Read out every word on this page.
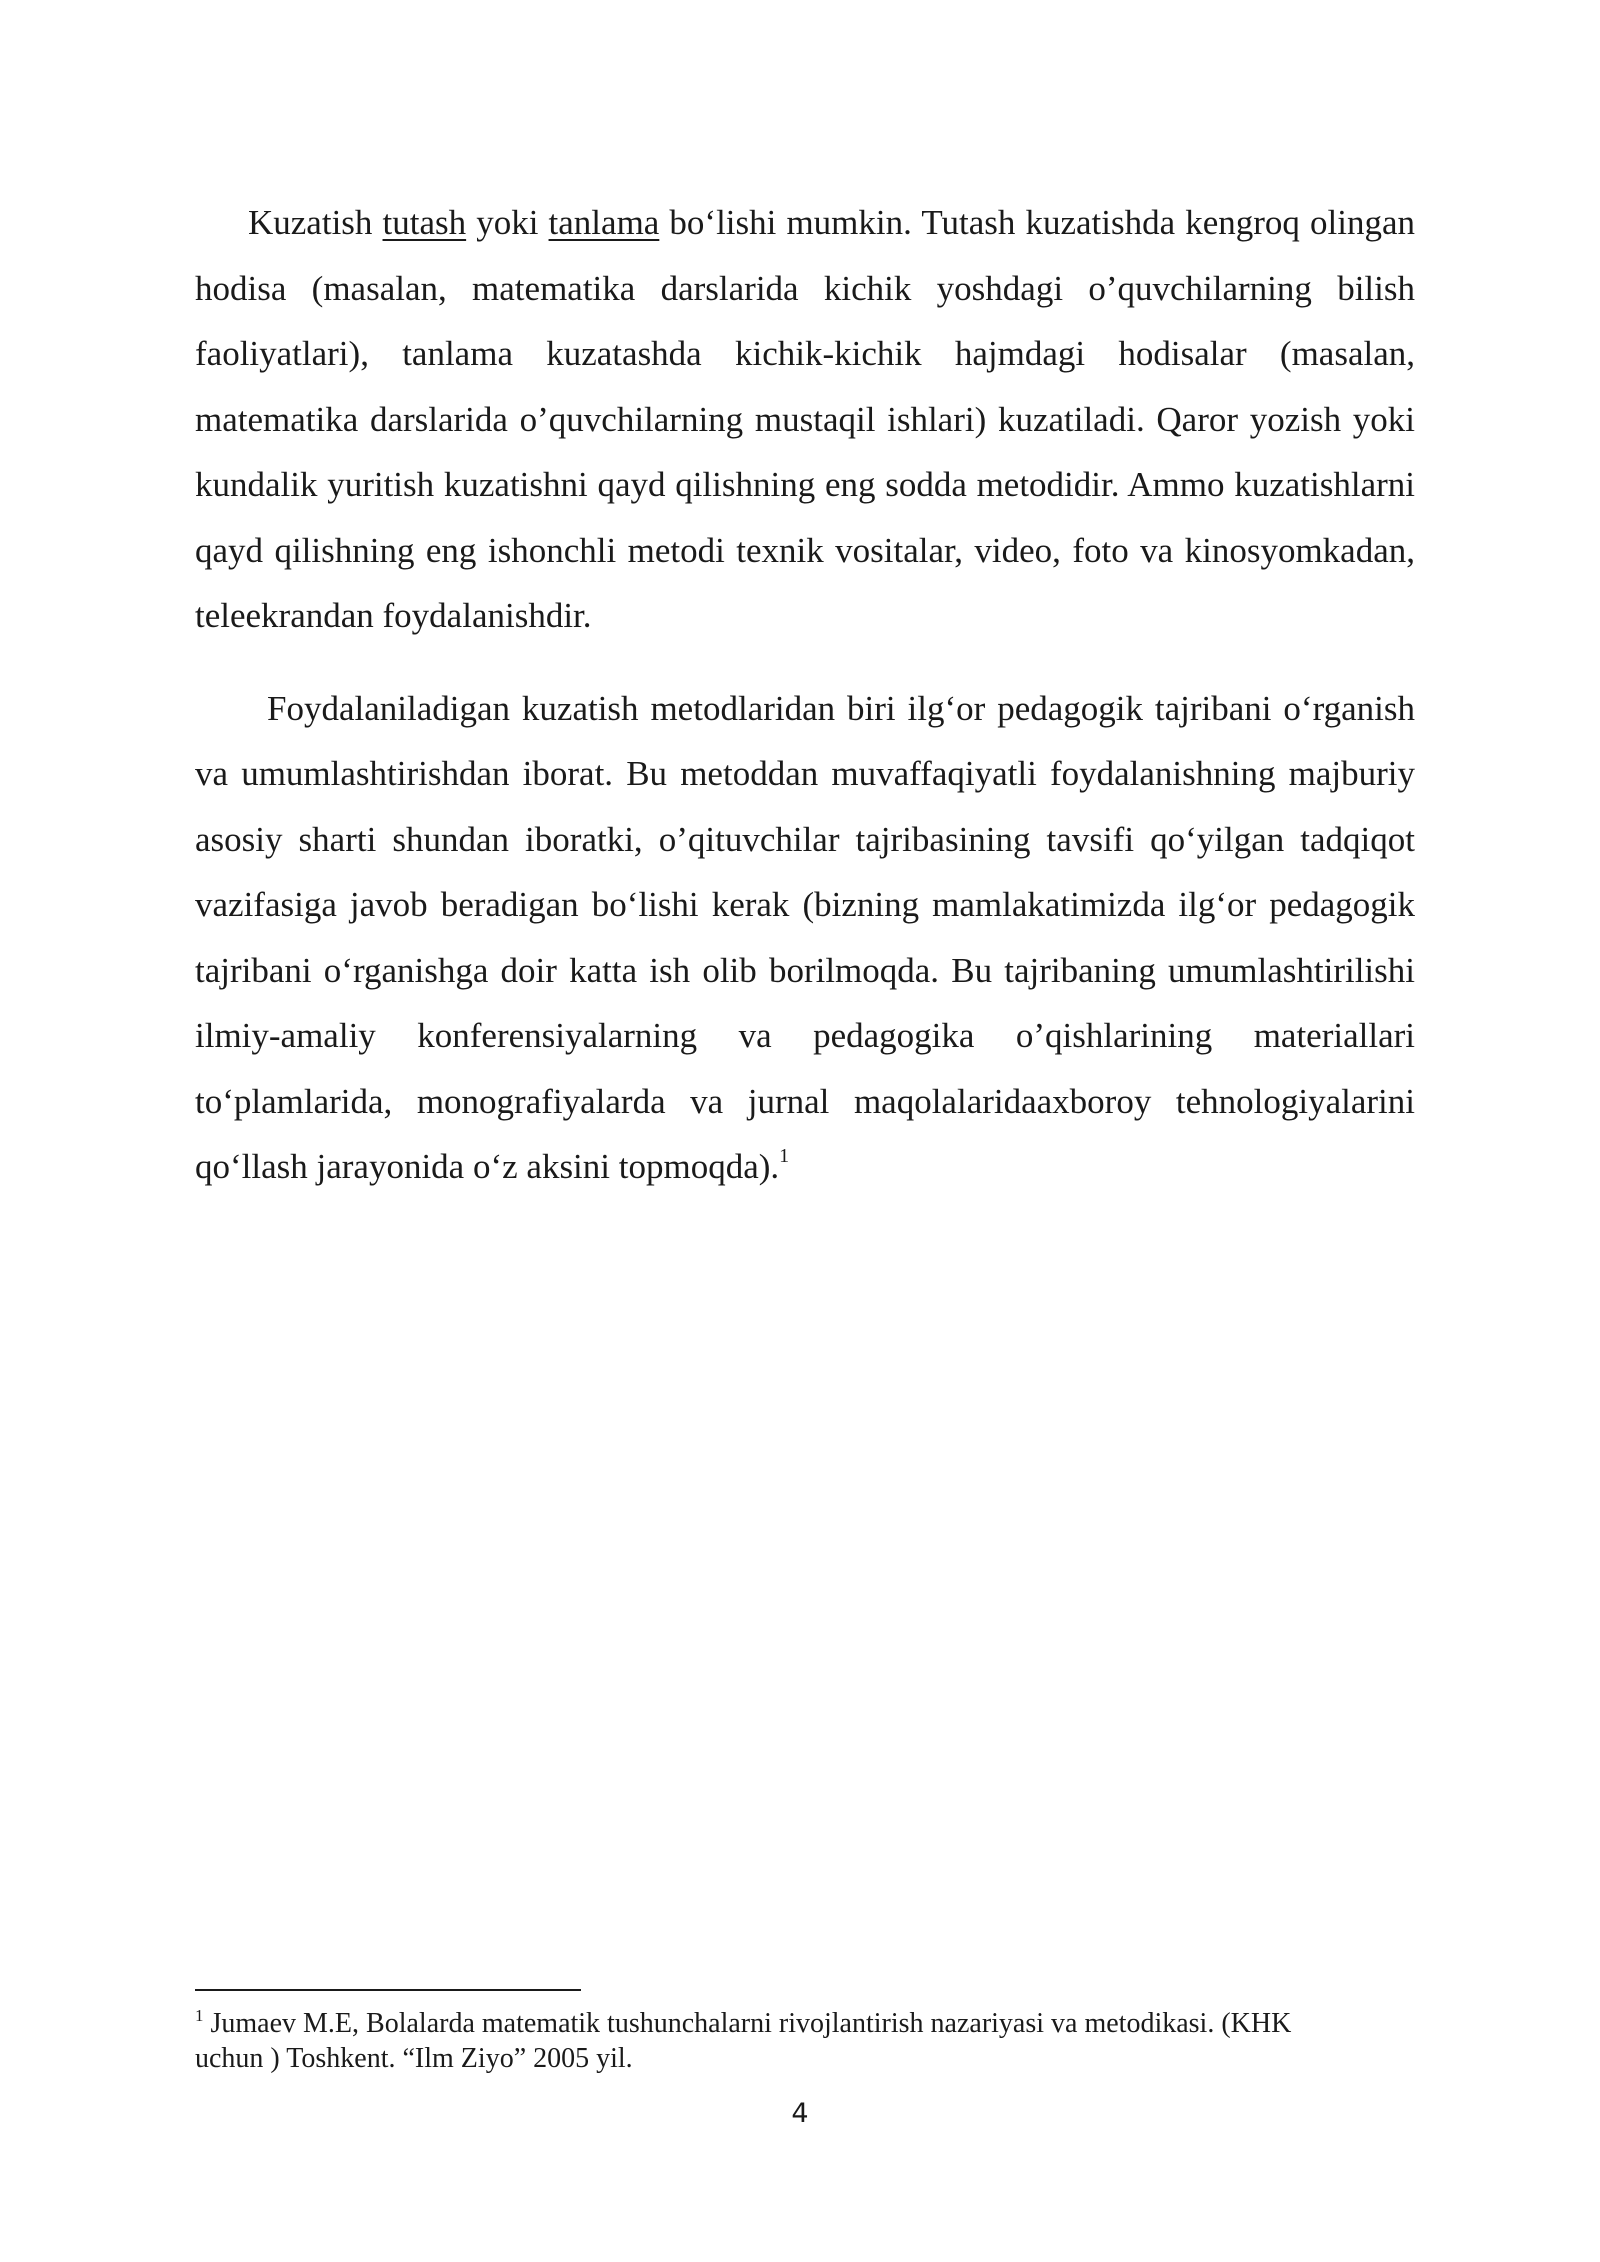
Kuzatish tutash yoki tanlama bo‘lishi mumkin. Tutash kuzatishda kengroq olingan hodisa (masalan, matematika darslarida kichik yoshdagi o’quvchilarning bilish faoliyatlari), tanlama kuzatashda kichik-kichik hajmdagi hodisalar (masalan, matematika darslarida o’quvchilarning mustaqil ishlari) kuzatiladi. Qaror yozish yoki kundalik yuritish kuzatishni qayd qilishning eng sodda metodidir. Ammo kuzatishlarni qayd qilishning eng ishonchli metodi texnik vositalar, video, foto va kinosyomkadan, teleekrandan foydalanishdir.

Foydalaniladigan kuzatish metodlaridan biri ilg‘or pedagogik tajribani o‘rganish va umumlashtirishdan iborat. Bu metoddan muvaffaqiyatli foydalanishning majburiy asosiy sharti shundan iboratki, o’qituvchilar tajribasining tavsifi qo‘yilgan tadqiqot vazifasiga javob beradigan bo‘lishi kerak (bizning mamlakatimizda ilg‘or pedagogik tajribani o‘rganishga doir katta ish olib borilmoqda. Bu tajribaning umumlashtirilishi ilmiy-amaliy konferensiyalarning va pedagogika o’qishlarining materiallari to‘plamlarida, monografiyalarda va jurnal maqolalaridaaxboroy tehnologiyalarini qo‘llash jarayonida o‘z aksini topmoqda).$^1$

$^1$ Jumaev M.E, Bolalarda matematik tushunchalarni rivojlantirish nazariyasi va metodikasi. (KHK uchun ) Toshkent. “Ilm Ziyo” 2005 yil.

4
